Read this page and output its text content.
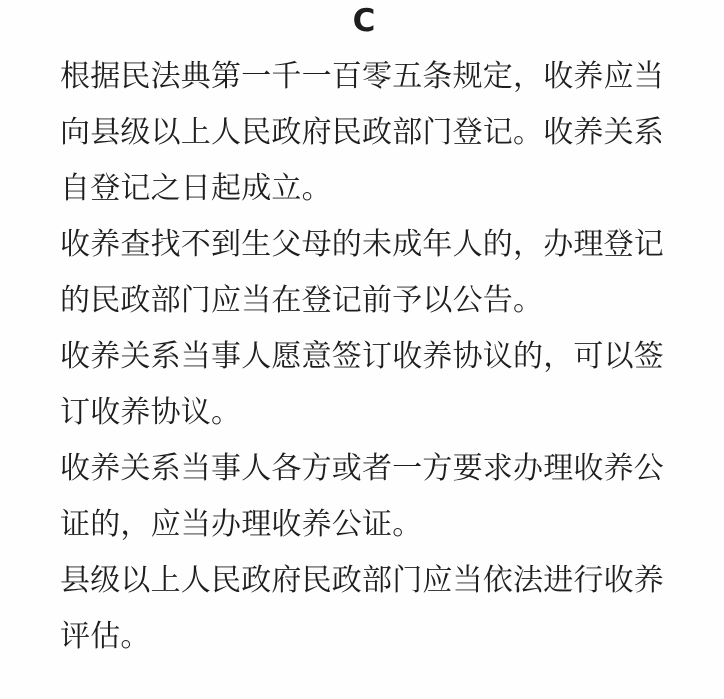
C
根据民法典第一千一百零五条规定，收养应当
向县级以上人民政府民政部门登记。收养关系
自登记之日起成立。
收养查找不到生父母的未成年人的，办理登记
的民政部门应当在登记前予以公告。
收养关系当事人愿意签订收养协议的，可以签
订收养协议。
收养关系当事人各方或者一方要求办理收养公
证的，应当办理收养公证。
县级以上人民政府民政部门应当依法进行收养
评估。
